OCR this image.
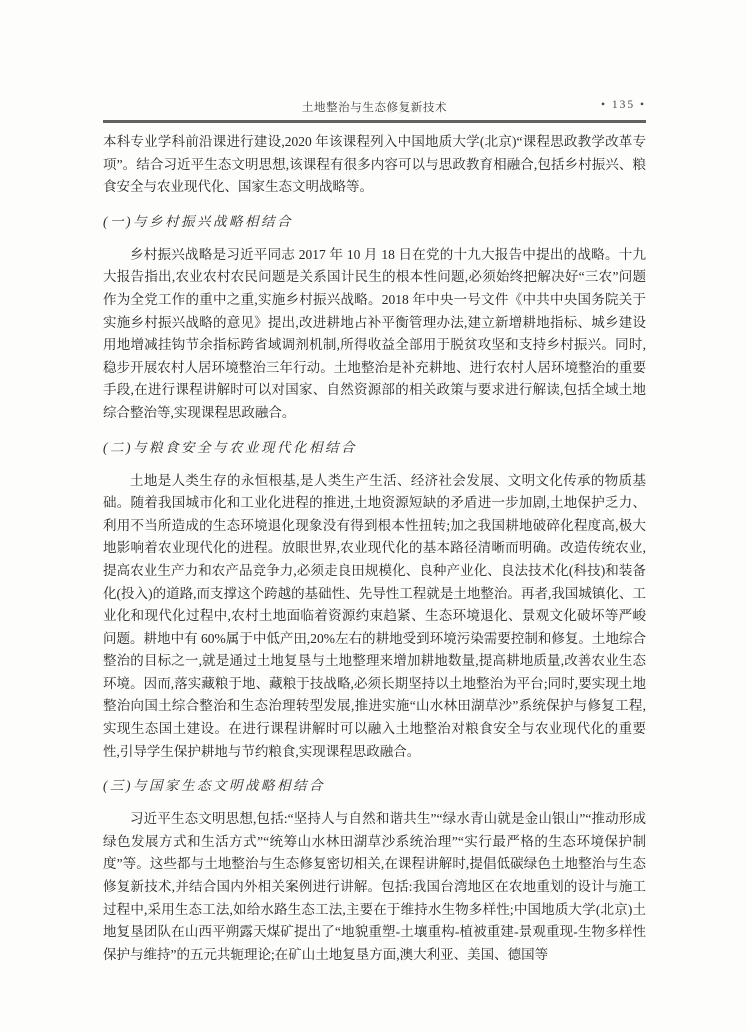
土地整治与生态修复新技术	• 135 •

本科专业学科前沿课进行建设,2020 年该课程列入中国地质大学(北京)“课程思政教学改革专项”。结合习近平生态文明思想,该课程有很多内容可以与思政教育相融合,包括乡村振兴、粮食安全与农业现代化、国家生态文明战略等。

(一)与乡村振兴战略相结合

乡村振兴战略是习近平同志 2017 年 10 月 18 日在党的十九大报告中提出的战略。十九大报告指出,农业农村农民问题是关系国计民生的根本性问题,必须始终把解决好“三农”问题作为全党工作的重中之重,实施乡村振兴战略。2018 年中央一号文件《中共中央国务院关于实施乡村振兴战略的意见》提出,改进耕地占补平衡管理办法,建立新增耕地指标、城乡建设用地增减挂钩节余指标跨省域调剂机制,所得收益全部用于脱贫攻坚和支持乡村振兴。同时,稳步开展农村人居环境整治三年行动。土地整治是补充耕地、进行农村人居环境整治的重要手段,在进行课程讲解时可以对国家、自然资源部的相关政策与要求进行解读,包括全域土地综合整治等,实现课程思政融合。

(二)与粮食安全与农业现代化相结合

土地是人类生存的永恒根基,是人类生产生活、经济社会发展、文明文化传承的物质基础。随着我国城市化和工业化进程的推进,土地资源短缺的矛盾进一步加剧,土地保护乏力、利用不当所造成的生态环境退化现象没有得到根本性扭转;加之我国耕地破碎化程度高,极大地影响着农业现代化的进程。放眼世界,农业现代化的基本路径清晰而明确。改造传统农业,提高农业生产力和农产品竞争力,必须走良田规模化、良种产业化、良法技术化(科技)和装备化(投入)的道路,而支撑这个跨越的基础性、先导性工程就是土地整治。再者,我国城镇化、工业化和现代化过程中,农村土地面临着资源约束趋紧、生态环境退化、景观文化破坏等严峻问题。耕地中有 60%属于中低产田,20%左右的耕地受到环境污染需要控制和修复。土地综合整治的目标之一,就是通过土地复垦与土地整理来增加耕地数量,提高耕地质量,改善农业生态环境。因而,落实藏粮于地、藏粮于技战略,必须长期坚持以土地整治为平台;同时,要实现土地整治向国土综合整治和生态治理转型发展,推进实施“山水林田湖草沙”系统保护与修复工程,实现生态国土建设。在进行课程讲解时可以融入土地整治对粮食安全与农业现代化的重要性,引导学生保护耕地与节约粮食,实现课程思政融合。

(三)与国家生态文明战略相结合

习近平生态文明思想,包括:“坚持人与自然和谐共生”“绿水青山就是金山银山”“推动形成绿色发展方式和生活方式”“统筹山水林田湖草沙系统治理”“实行最严格的生态环境保护制度”等。这些都与土地整治与生态修复密切相关,在课程讲解时,提倡低碳绿色土地整治与生态修复新技术,并结合国内外相关案例进行讲解。包括:我国台湾地区在农地重划的设计与施工过程中,采用生态工法,如给水路生态工法,主要在于维持水生物多样性;中国地质大学(北京)土地复垦团队在山西平朔露天煤矿提出了“地貌重塑-土壤重构-植被重建-景观重现-生物多样性保护与维持”的五元共轭理论;在矿山土地复垦方面,澳大利亚、美国、德国等
